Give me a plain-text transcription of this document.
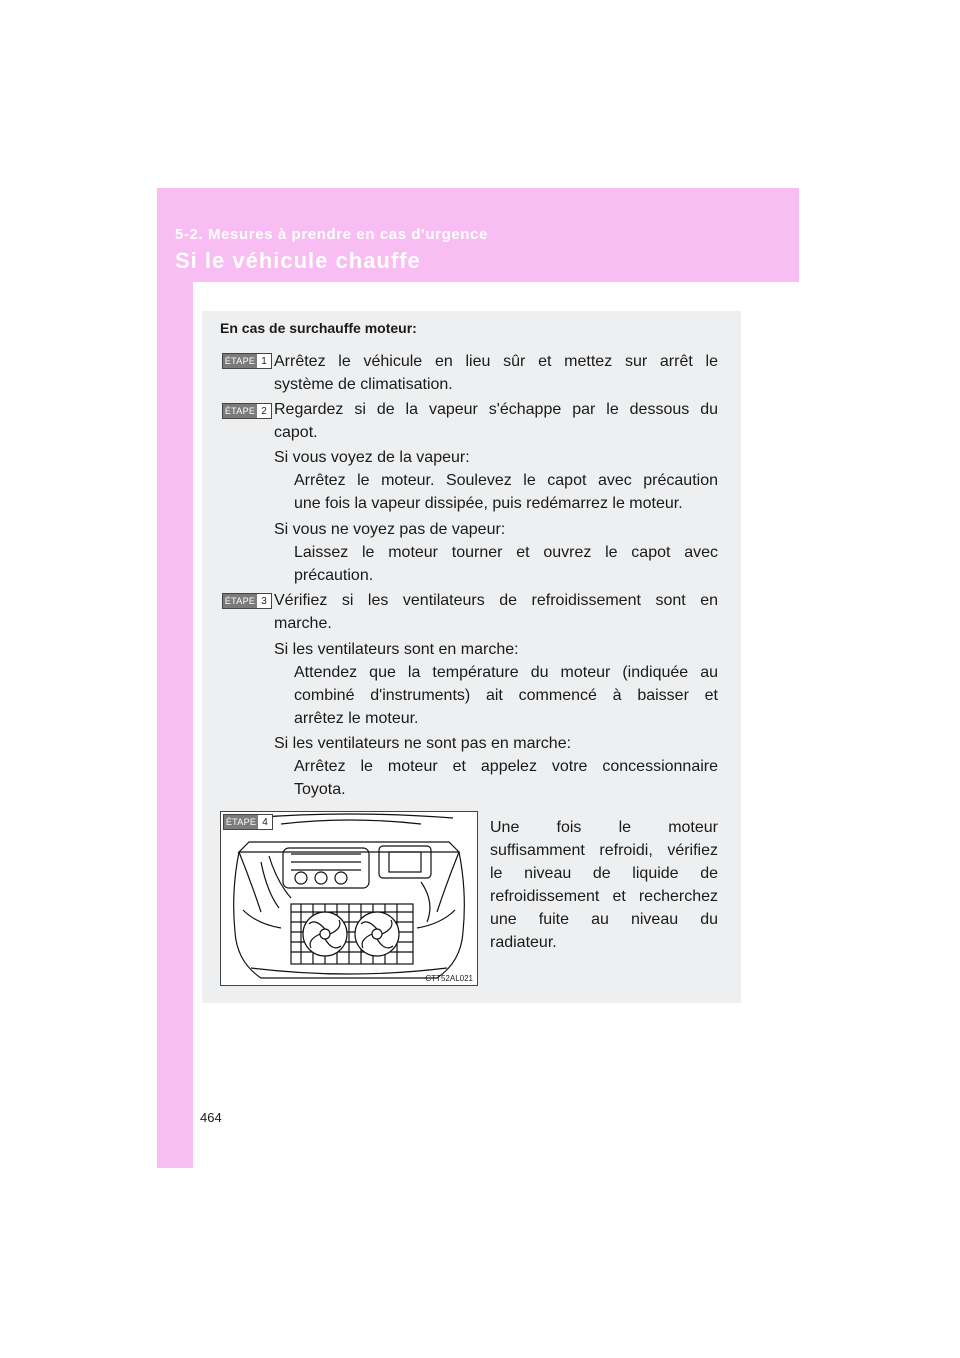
5-2. Mesures à prendre en cas d'urgence
Si le véhicule chauffe
En cas de surchauffe moteur:
ÉTAPE 1 Arrêtez le véhicule en lieu sûr et mettez sur arrêt le
système de climatisation.
ÉTAPE 2 Regardez si de la vapeur s'échappe par le dessous du
capot.
Si vous voyez de la vapeur:
Arrêtez le moteur. Soulevez le capot avec précaution
une fois la vapeur dissipée, puis redémarrez le moteur.
Si vous ne voyez pas de vapeur:
Laissez le moteur tourner et ouvrez le capot avec
précaution.
ÉTAPE 3 Vérifiez si les ventilateurs de refroidissement sont en
marche.
Si les ventilateurs sont en marche:
Attendez que la température du moteur (indiquée au
combiné d'instruments) ait commencé à baisser et
arrêtez le moteur.
Si les ventilateurs ne sont pas en marche:
Arrêtez le moteur et appelez votre concessionnaire
Toyota.
ÉTAPE 4
CTT52AL021
Une fois le moteur
suffisamment refroidi, vérifiez
le niveau de liquide de
refroidissement et recherchez
une fuite au niveau du
radiateur.
464
